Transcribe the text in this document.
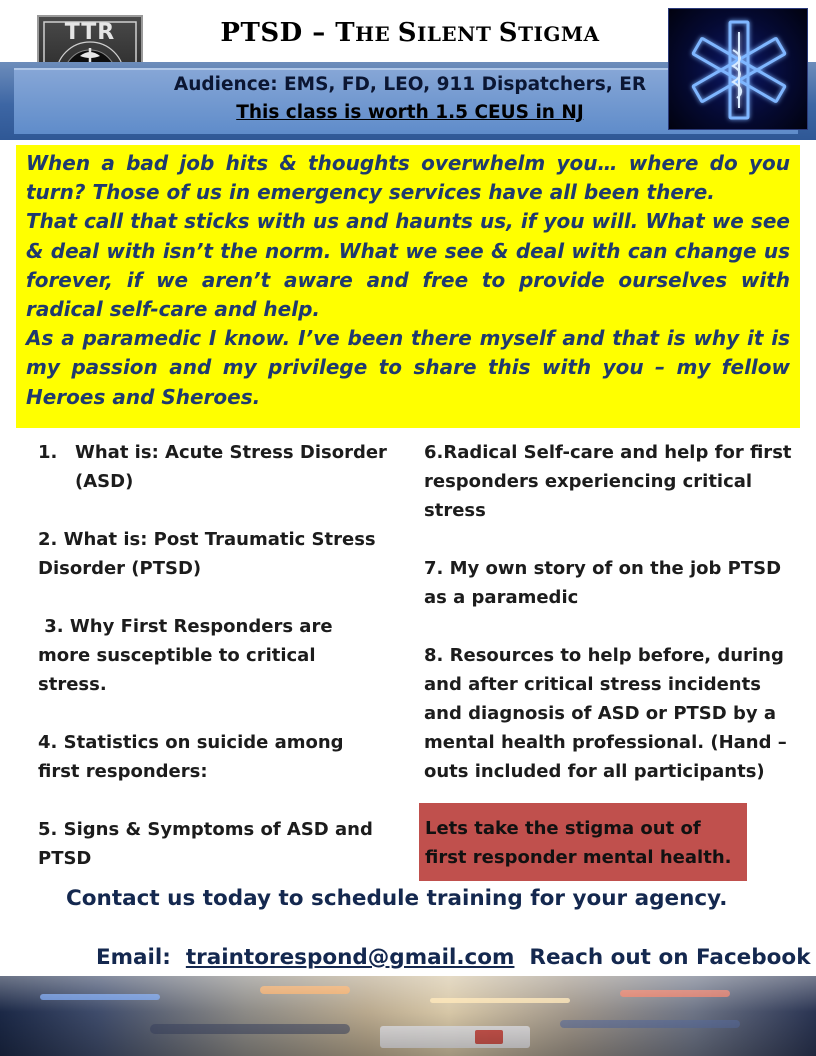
TTR	PTSD – THE SILENT STIGMA
Audience: EMS, FD, LEO, 911 Dispatchers, ER
This class is worth 1.5 CEUS in NJ

When a bad job hits & thoughts overwhelm you… where do you turn? Those of us in emergency services have all been there.

That call that sticks with us and haunts us, if you will. What we see & deal with isn’t the norm. What we see & deal with can change us forever, if we aren’t aware and free to provide ourselves with radical self-care and help.

As a paramedic I know. I’ve been there myself and that is why it is my passion and my privilege to share this with you – my fellow Heroes and Sheroes.

1. What is: Acute Stress Disorder (ASD)
2. What is: Post Traumatic Stress Disorder (PTSD)
3. Why First Responders are more susceptible to critical stress.
4. Statistics on suicide among first responders:
5. Signs & Symptoms of ASD and PTSD
6.Radical Self-care and help for first responders experiencing critical stress
7. My own story of on the job PTSD as a paramedic
8. Resources to help before, during and after critical stress incidents and diagnosis of ASD or PTSD by a mental health professional. (Hand – outs included for all participants)
Lets take the stigma out of first responder mental health.
Contact us today to schedule training for your agency.

Email:  traintorespond@gmail.com  Reach out on Facebook
